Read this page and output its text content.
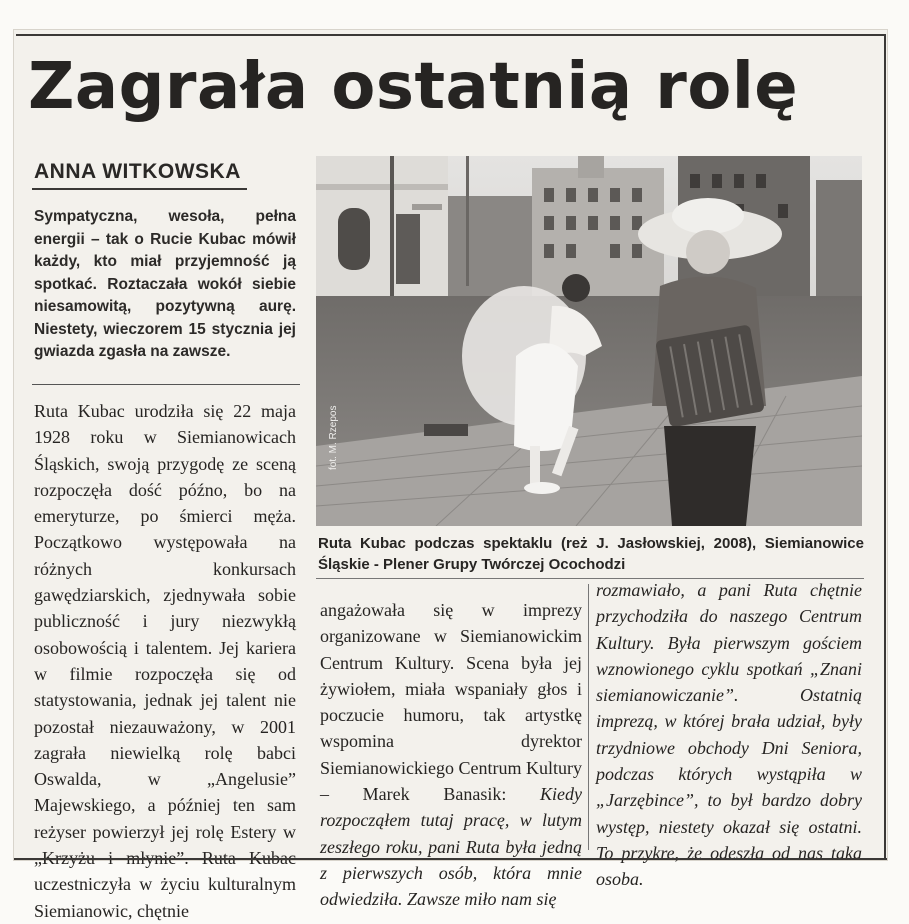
Zagrała ostatnią rolę
ANNA WITKOWSKA
Sympatyczna, wesoła, pełna energii – tak o Rucie Kubac mówił każdy, kto miał przyjemność ją spotkać. Roztaczała wokół siebie niesamowitą, pozytywną aurę. Niestety, wieczorem 15 stycznia jej gwiazda zgasła na zawsze.
Ruta Kubac urodziła się 22 maja 1928 roku w Siemianowicach Śląskich, swoją przygodę ze sceną rozpoczęła dość późno, bo na emeryturze, po śmierci męża. Początkowo występowała na różnych konkursach gawędziarskich, zjednywała sobie publiczność i jury niezwykłą osobowością i talentem. Jej kariera w filmie rozpoczęła się od statystowania, jednak jej talent nie pozostał niezauważony, w 2001 zagrała niewielką rolę babci Oswalda, w „Angelusie” Majewskiego, a później ten sam reżyser powierzył jej rolę Estery w „Krzyżu i młynie”. Ruta Kubac uczestniczyła w życiu kulturalnym Siemianowic, chętnie
fot. M. Rzepos
Ruta Kubac podczas spektaklu (reż J. Jasłowskiej, 2008), Siemianowice Śląskie - Plener Grupy Twórczej Ocochodzi
angażowała się w imprezy organizowane w Siemianowickim Centrum Kultury. Scena była jej żywiołem, miała wspaniały głos i poczucie humoru, tak artystkę wspomina dyrektor Siemianowickiego Centrum Kultury – Marek Banasik: Kiedy rozpocząłem tutaj pracę, w lutym zeszłego roku, pani Ruta była jedną z pierwszych osób, która mnie odwiedziła. Zawsze miło nam się
rozmawiało, a pani Ruta chętnie przychodziła do naszego Centrum Kultury. Była pierwszym gościem wznowionego cyklu spotkań „Znani siemianowiczanie”. Ostatnią imprezą, w której brała udział, były trzydniowe obchody Dni Seniora, podczas których wystąpiła w „Jarzębince”, to był bardzo dobry występ, niestety okazał się ostatni. To przykre, że odeszła od nas taka osoba.
